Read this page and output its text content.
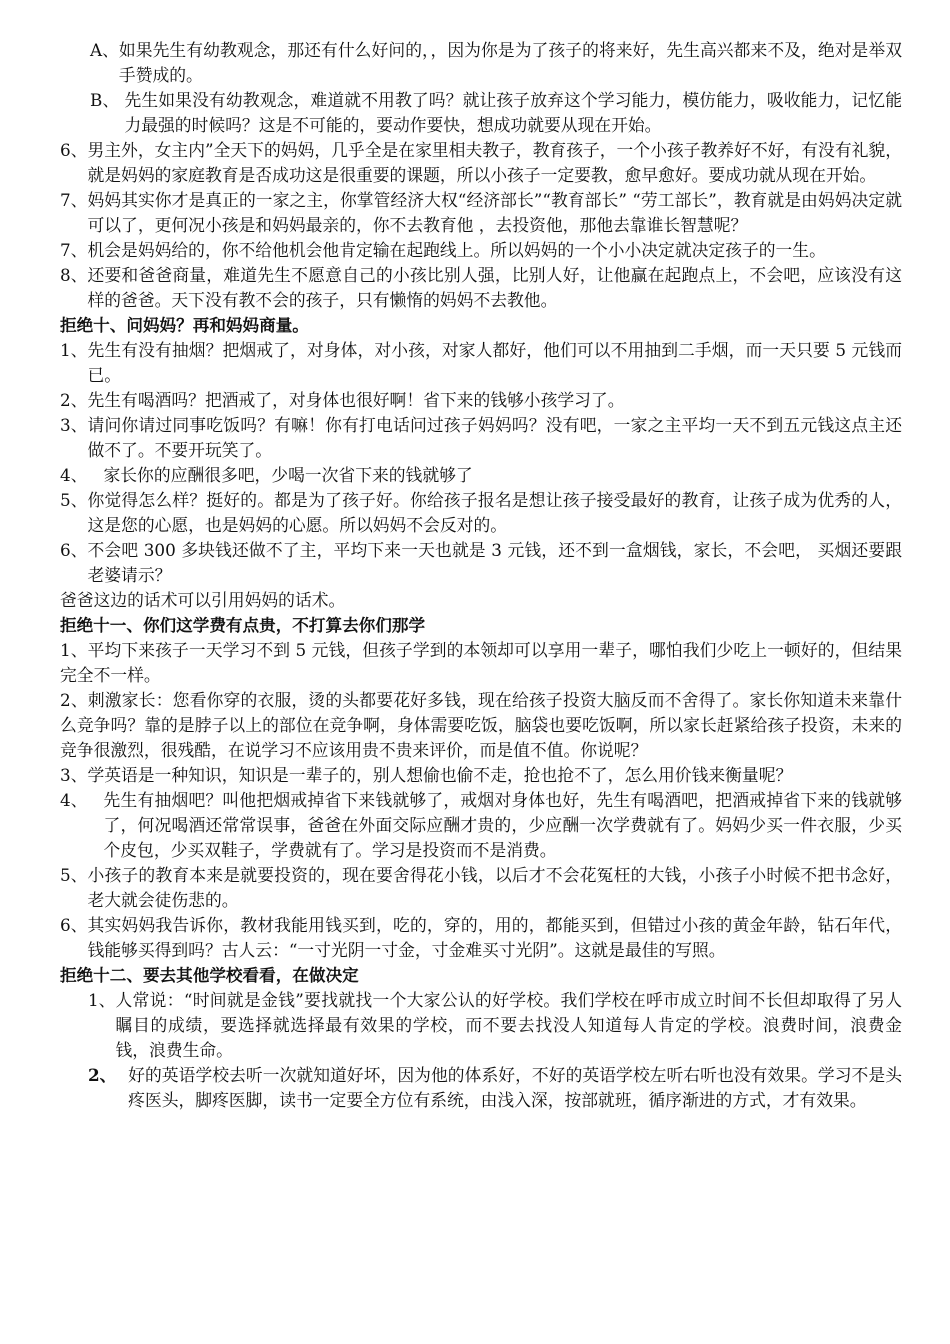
A、 如果先生有幼教观念，那还有什么好问的，，因为你是为了孩子的将来好，先生高兴都来不及，绝对是举双手赞成的。
B、 先生如果没有幼教观念，难道就不用教了吗？就让孩子放弃这个学习能力，模仿能力，吸收能力，记忆能力最强的时候吗？这是不可能的，要动作要快，想成功就要从现在开始。
6、 男主外，女主内”全天下的妈妈，几乎全是在家里相夫教子，教育孩子，一个小孩子教养好不好，有没有礼貌，就是妈妈的家庭教育是否成功这是很重要的课题，所以小孩子一定要教，愈早愈好。要成功就从现在开始。
7、 妈妈其实你才是真正的一家之主，你掌管经济大权“经济部长”“教育部长” “劳工部长”，教育就是由妈妈决定就可以了，更何况小孩是和妈妈最亲的，你不去教育他 ，去投资他，那他去靠谁长智慧呢？
7、 机会是妈妈给的，你不给他机会他肯定输在起跑线上。所以妈妈的一个小小决定就决定孩子的一生。
8、 还要和爸爸商量，难道先生不愿意自己的小孩比别人强，比别人好，让他赢在起跑点上，不会吧，应该没有这样的爸爸。天下没有教不会的孩子，只有懒惰的妈妈不去教他。
拒绝十、问妈妈？再和妈妈商量。
1、 先生有没有抽烟？把烟戒了，对身体，对小孩，对家人都好，他们可以不用抽到二手烟，而一天只要 5 元钱而已。
2、 先生有喝酒吗？把酒戒了，对身体也很好啊！省下来的钱够小孩学习了。
3、 请问你请过同事吃饭吗？有嘛！你有打电话问过孩子妈妈吗？没有吧，一家之主平均一天不到五元钱这点主还做不了。不要开玩笑了。
4、 家长你的应酬很多吧，少喝一次省下来的钱就够了
5、 你觉得怎么样？挺好的。都是为了孩子好。你给孩子报名是想让孩子接受最好的教育，让孩子成为优秀的人，这是您的心愿，也是妈妈的心愿。所以妈妈不会反对的。
6、 不会吧 300 多块钱还做不了主，平均下来一天也就是 3 元钱，还不到一盒烟钱，家长，不会吧， 买烟还要跟老婆请示？
爸爸这边的话术可以引用妈妈的话术。
拒绝十一、你们这学费有点贵，不打算去你们那学
1、平均下来孩子一天学习不到 5 元钱，但孩子学到的本领却可以享用一辈子，哪怕我们少吃上一顿好的，但结果完全不一样。
2、刺激家长：您看你穿的衣服，烫的头都要花好多钱，现在给孩子投资大脑反而不舍得了。家长你知道未来靠什么竞争吗？靠的是脖子以上的部位在竞争啊，身体需要吃饭，脑袋也要吃饭啊，所以家长赶紧给孩子投资，未来的竞争很激烈，很残酷，在说学习不应该用贵不贵来评价，而是值不值。你说呢？
3、学英语是一种知识，知识是一辈子的，别人想偷也偷不走，抢也抢不了，怎么用价钱来衡量呢？
4、 先生有抽烟吧？叫他把烟戒掉省下来钱就够了，戒烟对身体也好，先生有喝酒吧，把酒戒掉省下来的钱就够了，何况喝酒还常常误事，爸爸在外面交际应酬才贵的，少应酬一次学费就有了。妈妈少买一件衣服，少买个皮包，少买双鞋子，学费就有了。学习是投资而不是消费。
5、 小孩子的教育本来是就要投资的，现在要舍得花小钱，以后才不会花冤枉的大钱，小孩子小时候不把书念好，老大就会徒伤悲的。
6、 其实妈妈我告诉你，教材我能用钱买到，吃的，穿的，用的，都能买到，但错过小孩的黄金年龄，钻石年代，钱能够买得到吗？古人云：“一寸光阴一寸金，寸金难买寸光阴”。这就是最佳的写照。
拒绝十二、要去其他学校看看，在做决定
1、 人常说：“时间就是金钱”要找就找一个大家公认的好学校。我们学校在呼市成立时间不长但却取得了另人瞩目的成绩，要选择就选择最有效果的学校，而不要去找没人知道每人肯定的学校。浪费时间，浪费金钱，浪费生命。
2、 好的英语学校去听一次就知道好坏，因为他的体系好，不好的英语学校左听右听也没有效果。学习不是头疼医头，脚疼医脚，读书一定要全方位有系统，由浅入深，按部就班，循序渐进的方式，才有效果。
